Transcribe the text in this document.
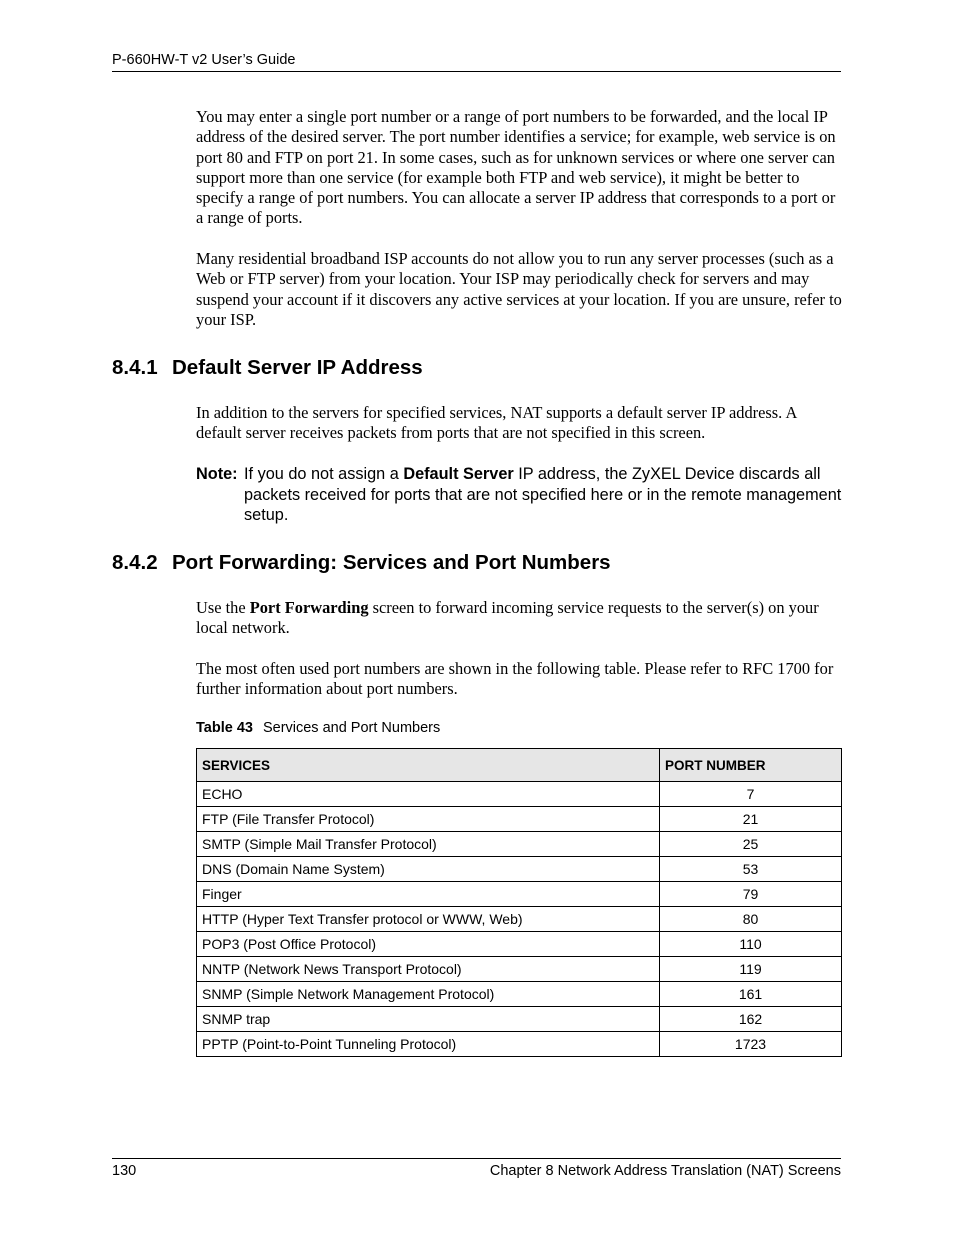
P-660HW-T v2 User’s Guide

You may enter a single port number or a range of port numbers to be forwarded, and the local IP address of the desired server. The port number identifies a service; for example, web service is on port 80 and FTP on port 21. In some cases, such as for unknown services or where one server can support more than one service (for example both FTP and web service), it might be better to specify a range of port numbers. You can allocate a server IP address that corresponds to a port or a range of ports.

Many residential broadband ISP accounts do not allow you to run any server processes (such as a Web or FTP server) from your location. Your ISP may periodically check for servers and may suspend your account if it discovers any active services at your location. If you are unsure, refer to your ISP.

8.4.1 Default Server IP Address

In addition to the servers for specified services, NAT supports a default server IP address. A default server receives packets from ports that are not specified in this screen.

Note: If you do not assign a Default Server IP address, the ZyXEL Device discards all packets received for ports that are not specified here or in the remote management setup.
8.4.2 Port Forwarding: Services and Port Numbers

Use the Port Forwarding screen to forward incoming service requests to the server(s) on your local network.

The most often used port numbers are shown in the following table. Please refer to RFC 1700 for further information about port numbers.

Table 43 Services and Port Numbers
SERVICES	PORT NUMBER
ECHO	7
FTP (File Transfer Protocol)	21
SMTP (Simple Mail Transfer Protocol)	25
DNS (Domain Name System)	53
Finger	79
HTTP (Hyper Text Transfer protocol or WWW, Web)	80
POP3 (Post Office Protocol)	110
NNTP (Network News Transport Protocol)	119
SNMP (Simple Network Management Protocol)	161
SNMP trap	162
PPTP (Point-to-Point Tunneling Protocol)	1723
130	Chapter 8 Network Address Translation (NAT) Screens
